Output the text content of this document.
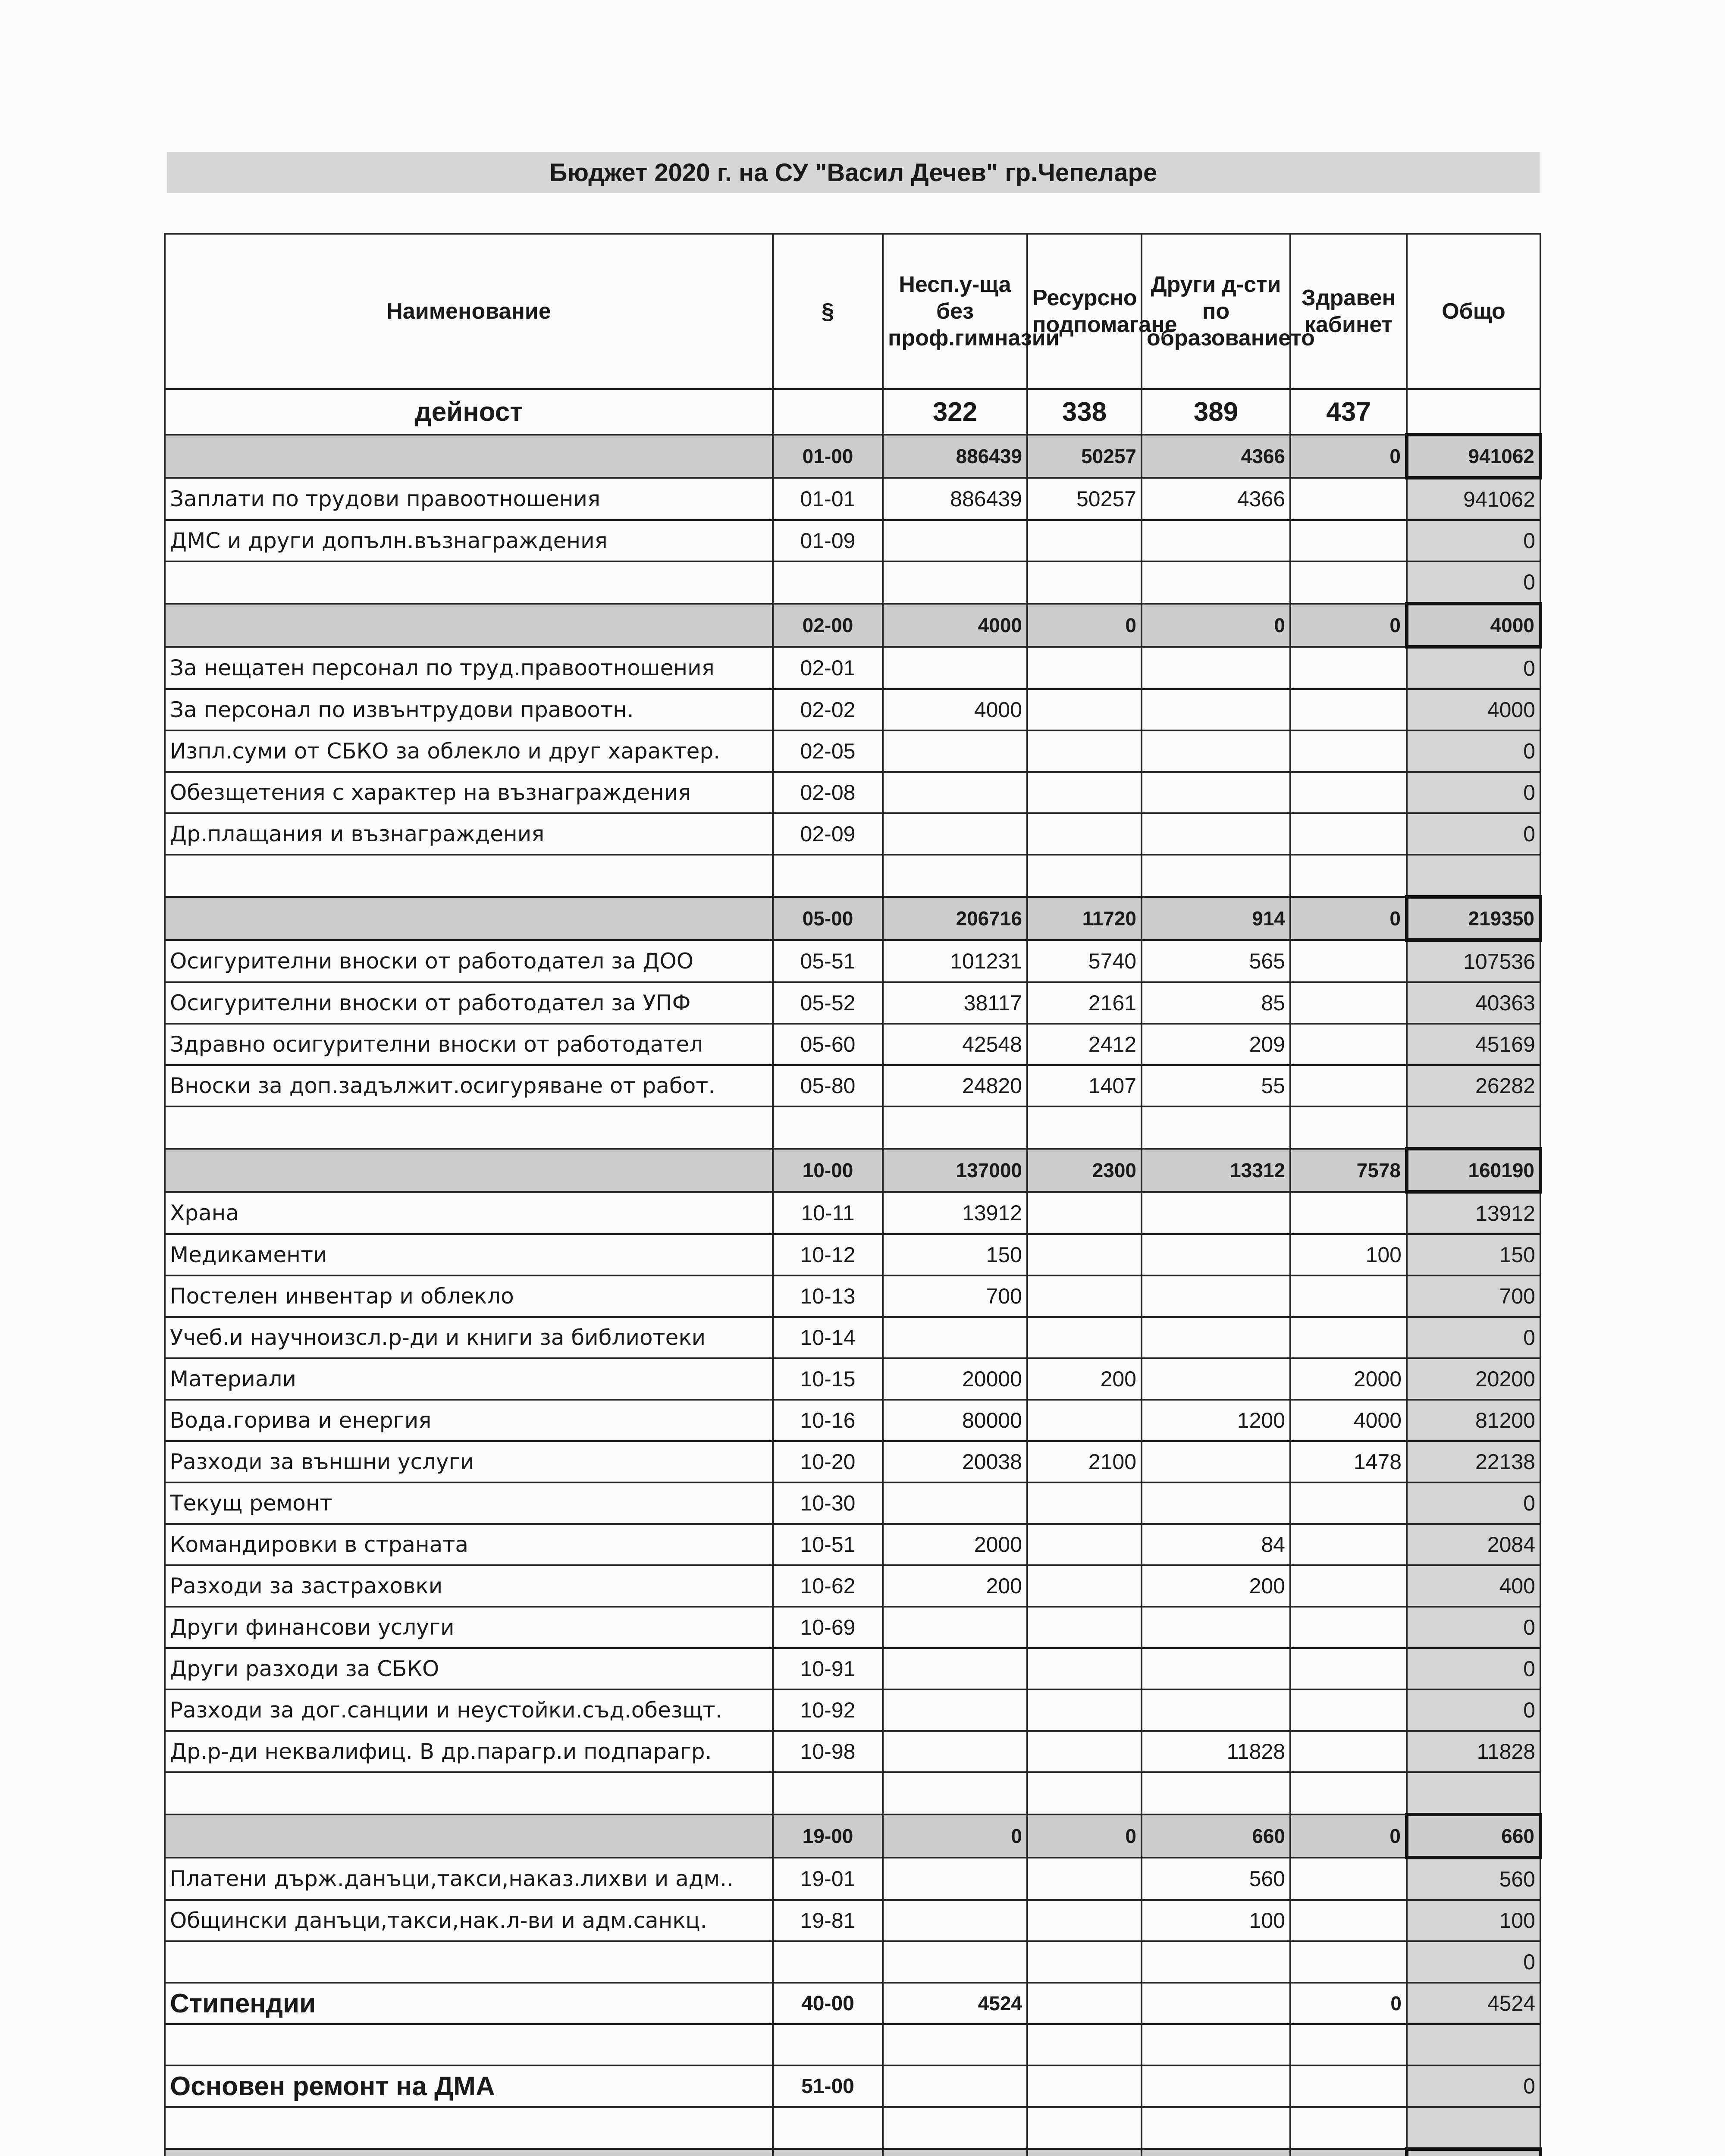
Бюджет 2020 г. на СУ "Васил Дечев" гр.Чепеларе
Наименование	§	Несп.у-ща без проф.гимназии	Ресурсно подпомагане	Други д-сти по образованието	Здравен кабинет	Общо
дейност		322	338	389	437	
	01-00	886439	50257	4366	0	941062
Заплати по трудови правоотношения	01-01	886439	50257	4366		941062
ДМС и други допълн.възнаграждения	01-09					0
						0
	02-00	4000	0	0	0	4000
За нещатен персонал по труд.правоотношения	02-01					0
За персонал по извънтрудови правоотн.	02-02	4000				4000
Изпл.суми от СБКО за облекло и друг характер.	02-05					0
Обезщетения с характер на възнаграждения	02-08					0
Др.плащания и възнаграждения	02-09					0

	05-00	206716	11720	914	0	219350
Осигурителни вноски от работодател за ДОО	05-51	101231	5740	565		107536
Осигурителни вноски от работодател за УПФ	05-52	38117	2161	85		40363
Здравно осигурителни вноски от работодател	05-60	42548	2412	209		45169
Вноски за доп.задължит.осигуряване от работ.	05-80	24820	1407	55		26282

	10-00	137000	2300	13312	7578	160190
Храна	10-11	13912				13912
Медикаменти	10-12	150			100	150
Постелен инвентар и облекло	10-13	700				700
Учеб.и научноизсл.р-ди и книги за библиотеки	10-14					0
Материали	10-15	20000	200		2000	20200
Вода.горива и енергия	10-16	80000		1200	4000	81200
Разходи за външни услуги	10-20	20038	2100		1478	22138
Текущ ремонт	10-30					0
Командировки в страната	10-51	2000		84		2084
Разходи за застраховки	10-62	200		200		400
Други финансови услуги	10-69					0
Други разходи за СБКО	10-91					0
Разходи за дог.санции и неустойки.съд.обезщт.	10-92					0
Др.р-ди неквалифиц. В др.парагр.и подпарагр.	10-98			11828		11828

	19-00	0	0	660	0	660
Платени държ.данъци,такси,наказ.лихви и адм..	19-01			560		560
Общински данъци,такси,нак.л-ви и адм.санкц.	19-81			100		100
						0
Стипендии	40-00	4524			0	4524

Основен ремонт на ДМА	51-00					0
